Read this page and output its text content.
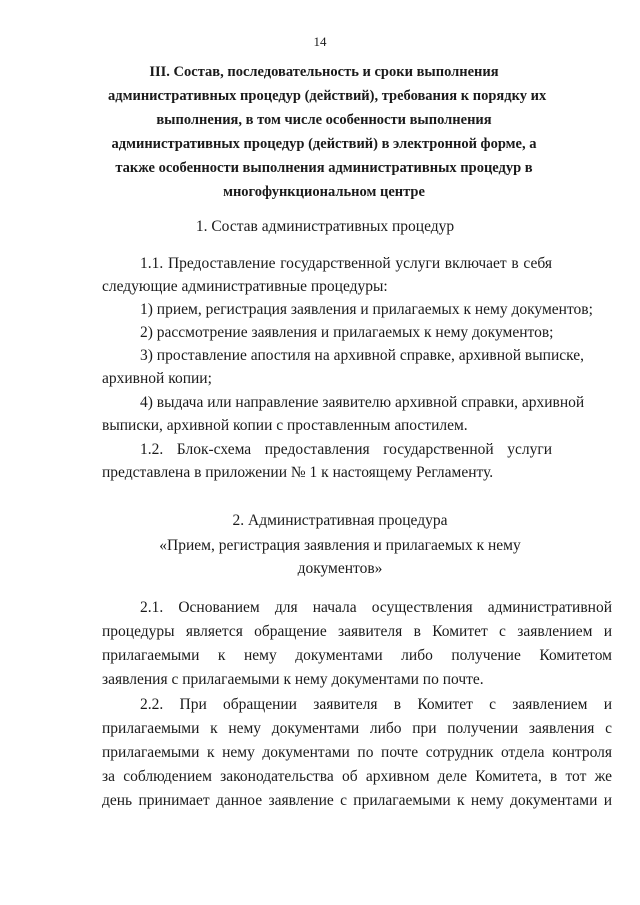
14
III. Состав, последовательность и сроки выполнения
административных процедур (действий), требования к порядку их
выполнения, в том числе особенности выполнения
административных процедур (действий) в электронной форме, а
также особенности выполнения административных процедур в
многофункциональном центре
1. Состав административных процедур
1.1. Предоставление государственной услуги включает в себя
следующие административные процедуры:
1) прием, регистрация заявления и прилагаемых к нему документов;
2) рассмотрение заявления и прилагаемых к нему документов;
3) проставление апостиля на архивной справке, архивной выписке,
архивной копии;
4) выдача или направление заявителю архивной справки, архивной
выписки, архивной копии с проставленным апостилем.
1.2. Блок-схема предоставления государственной услуги
представлена в приложении № 1 к настоящему Регламенту.
2. Административная процедура
«Прием, регистрация заявления и прилагаемых к нему
документов»
2.1. Основанием для начала осуществления административной
процедуры является обращение заявителя в Комитет с заявлением и
прилагаемыми к нему документами либо получение Комитетом
заявления с прилагаемыми к нему документами по почте.
2.2. При обращении заявителя в Комитет с заявлением и
прилагаемыми к нему документами либо при получении заявления с
прилагаемыми к нему документами по почте сотрудник отдела контроля
за соблюдением законодательства об архивном деле Комитета, в тот же
день принимает данное заявление с прилагаемыми к нему документами и
